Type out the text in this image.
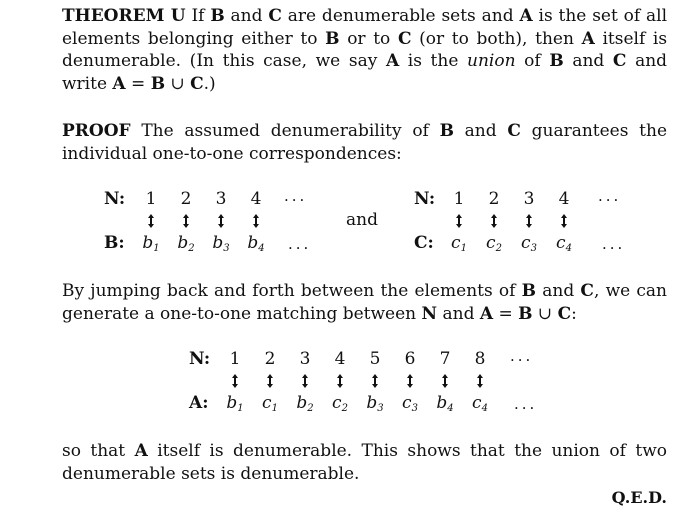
THEOREM U If B and C are denumerable sets and A is the set of all elements belonging either to B or to C (or to both), then A itself is denumerable. (In this case, we say A is the union of B and C and write A = B ∪ C.)
PROOF The assumed denumerability of B and C guarantees the individual one-to-one correspondences:
N:
B:
1
$b_1$
2
$b_2$
3
$b_3$
4
$b_4$
...
...
and
N:
C:
1
$c_1$
2
$c_2$
3
$c_3$
4
$c_4$
...
...
By jumping back and forth between the elements of B and C, we can generate a one-to-one matching between N and A = B ∪ C:
N:
A:
1
$b_1$
2
$c_1$
3
$b_2$
4
$c_2$
5
$b_3$
6
$c_3$
7
$b_4$
8
$c_4$
...
...
so that A itself is denumerable. This shows that the union of two denumerable sets is denumerable.
Q.E.D.
